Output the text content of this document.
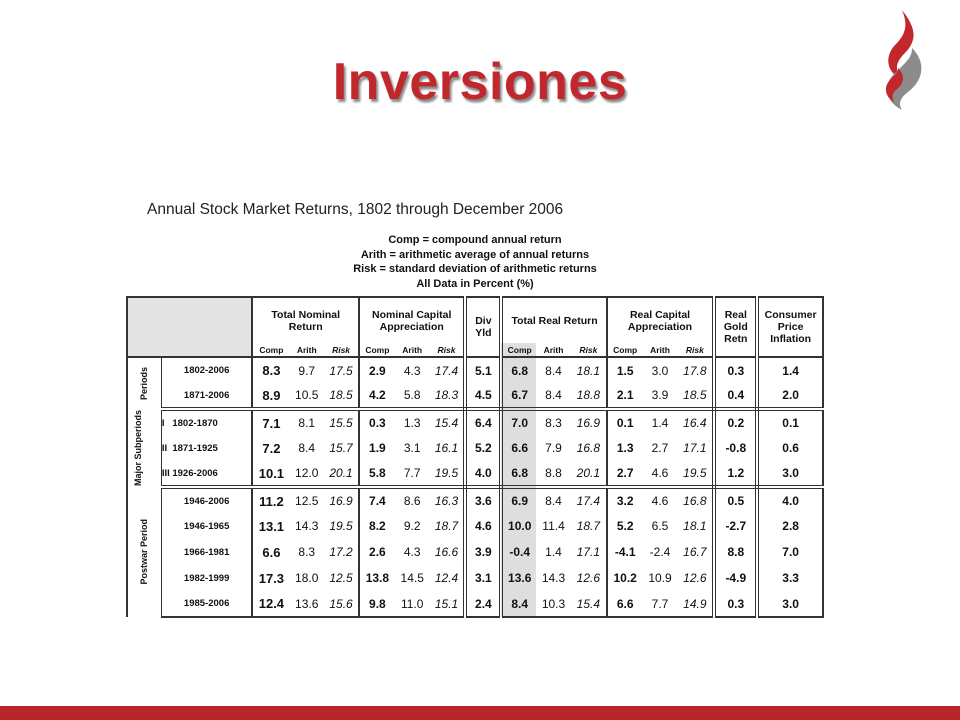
Inversiones

Annual Stock Market Returns, 1802 through December 2006

Comp = compound annual return
Arith = arithmetic average of annual returns
Risk = standard deviation of arithmetic returns
All Data in Percent (%)
		Total Nominal Return			Nominal Capital Appreciation			Div Yld	Total Real Return			Real Capital Appreciation			Real Gold Retn	Consumer Price Inflation
		Comp	Arith	Risk	Comp	Arith	Risk		Comp	Arith	Risk	Comp	Arith	Risk		

Periods	1802-2006	8.3	9.7	17.5	2.9	4.3	17.4	5.1	6.8	8.4	18.1	1.5	3.0	17.8	0.3	1.4
	1871-2006	8.9	10.5	18.5	4.2	5.8	18.3	4.5	6.7	8.4	18.8	2.1	3.9	18.5	0.4	2.0

Major Subperiods	I   1802-1870	7.1	8.1	15.5	0.3	1.3	15.4	6.4	7.0	8.3	16.9	0.1	1.4	16.4	0.2	0.1
	II  1871-1925	7.2	8.4	15.7	1.9	3.1	16.1	5.2	6.6	7.9	16.8	1.3	2.7	17.1	-0.8	0.6
	III 1926-2006	10.1	12.0	20.1	5.8	7.7	19.5	4.0	6.8	8.8	20.1	2.7	4.6	19.5	1.2	3.0

Postwar Period	1946-2006	11.2	12.5	16.9	7.4	8.6	16.3	3.6	6.9	8.4	17.4	3.2	4.6	16.8	0.5	4.0
	1946-1965	13.1	14.3	19.5	8.2	9.2	18.7	4.6	10.0	11.4	18.7	5.2	6.5	18.1	-2.7	2.8
	1966-1981	6.6	8.3	17.2	2.6	4.3	16.6	3.9	-0.4	1.4	17.1	-4.1	-2.4	16.7	8.8	7.0
	1982-1999	17.3	18.0	12.5	13.8	14.5	12.4	3.1	13.6	14.3	12.6	10.2	10.9	12.6	-4.9	3.3
	1985-2006	12.4	13.6	15.6	9.8	11.0	15.1	2.4	8.4	10.3	15.4	6.6	7.7	14.9	0.3	3.0
